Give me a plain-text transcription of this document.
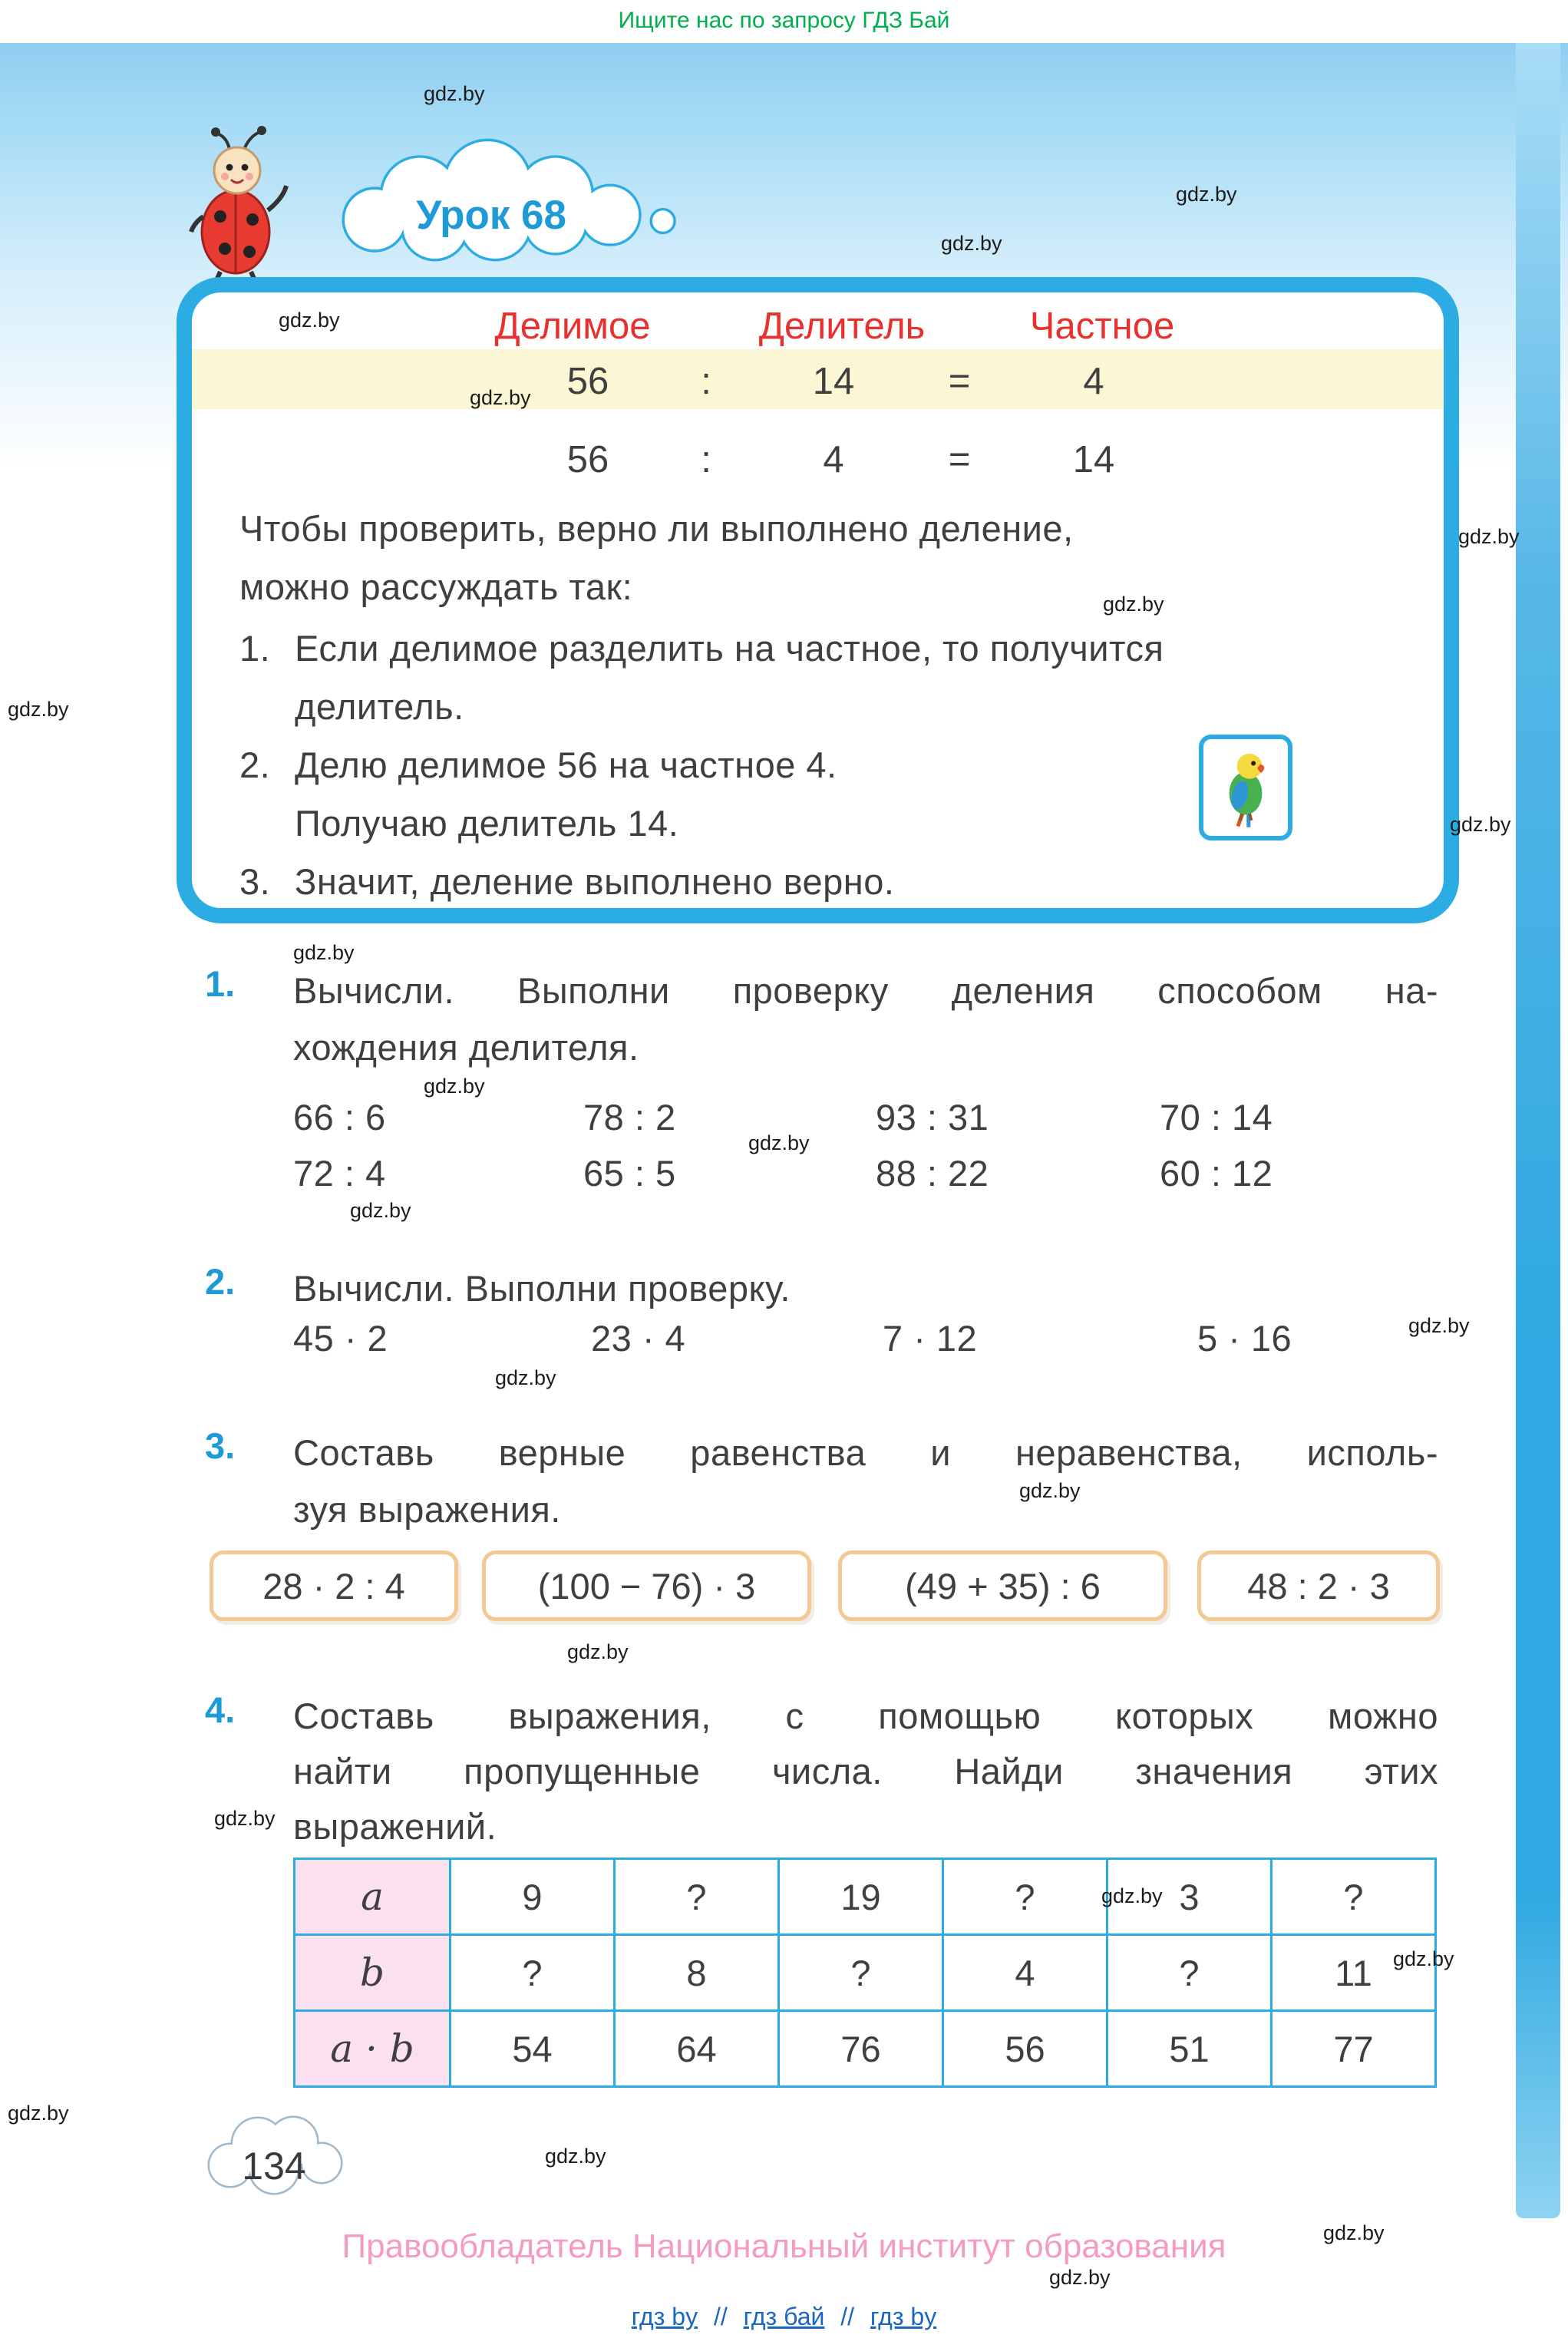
Ищите нас по запросу ГДЗ Бай
Урок 68
Делимое	Делитель	Частное
56 :	14 =	4
56 :	4	=	14
Чтобы проверить, верно ли выполнено деление,
можно рассуждать так:
1. Если делимое разделить на частное, то получится
делитель.
2. Делю делимое 56 на частное 4.
Получаю делитель 14.
3. Значит, деление выполнено верно.
1. Вычисли. Выполни проверку деления способом на-
хождения делителя.
66 : 6	78 : 2	93 : 31	70 : 14
72 : 4	65 : 5	88 : 22	60 : 12
2. Вычисли. Выполни проверку.
45 · 2	23 · 4	7 · 12	5 · 16
3. Составь верные равенства и неравенства, исполь-
зуя выражения.
28 · 2 : 4	(100 − 76) · 3	(49 + 35) : 6	48 : 2 · 3
4. Составь выражения, с помощью которых можно
найти пропущенные числа. Найди значения этих
выражений.
a	9	?	19	?	3	?
b	?	8	?	4	?	11
a · b	54	64	76	56	51	77
134
Правообладатель Национальный институт образования
гдз by // гдз бай // гдз by
gdz.by
gdz.by
gdz.by
gdz.by
gdz.by
gdz.by
gdz.by
gdz.by
gdz.by
gdz.by
gdz.by
gdz.by
gdz.by
gdz.by
gdz.by
gdz.by
gdz.by
gdz.by
gdz.by
gdz.by
gdz.by
gdz.by
gdz.by
gdz.by
